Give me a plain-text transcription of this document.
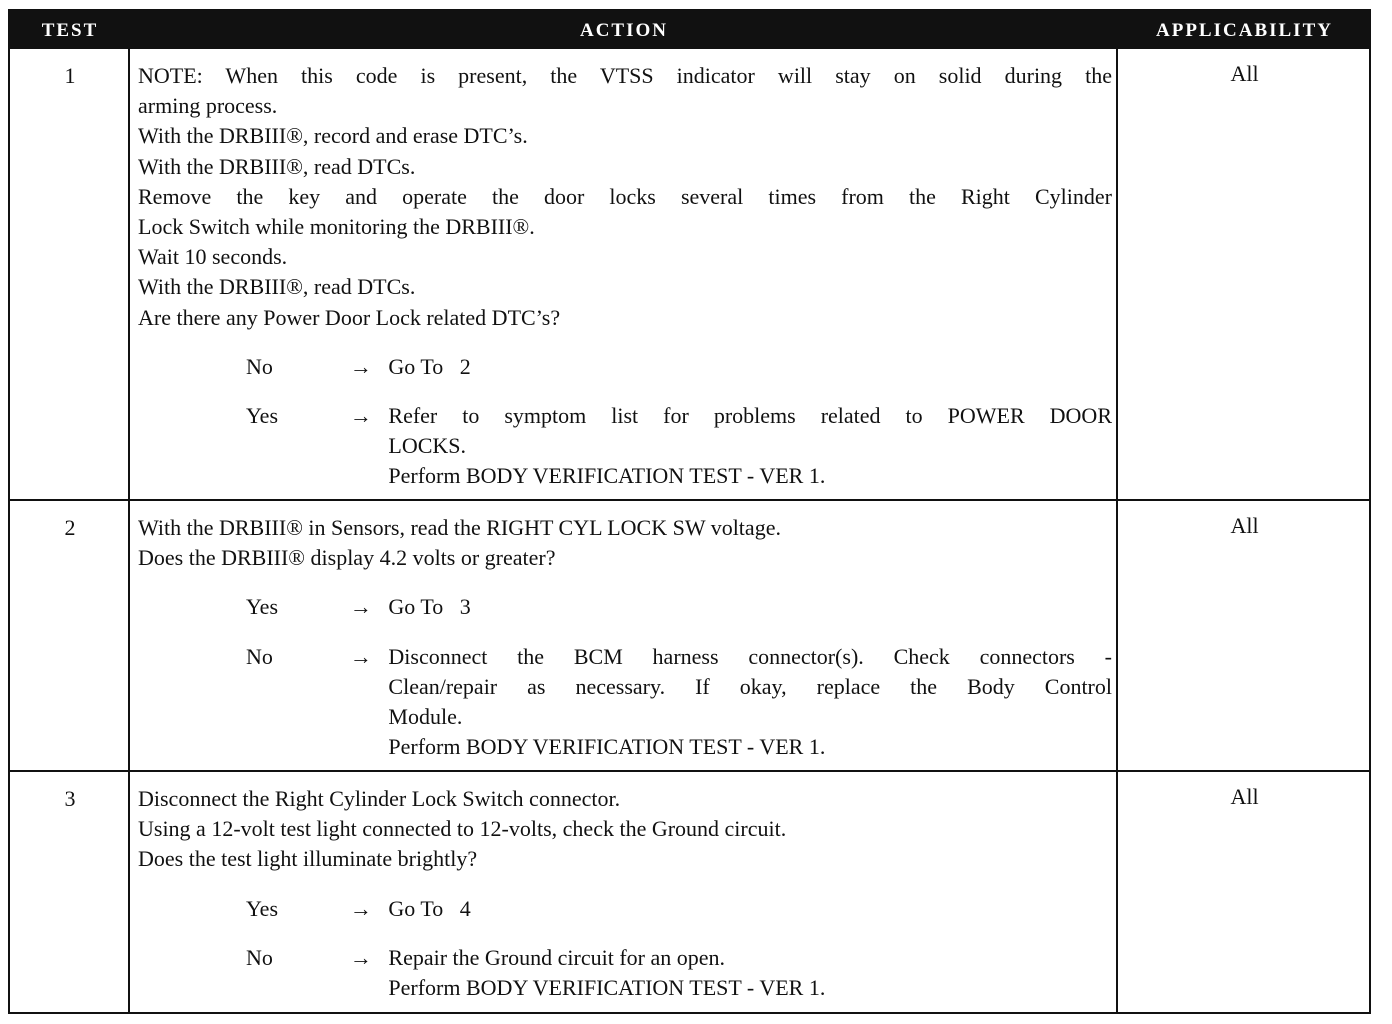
TEST	ACTION	APPLICABILITY
1	NOTE: When this code is present, the VTSS indicator will stay on solid during the
arming process.
With the DRBIII®, record and erase DTC’s.
With the DRBIII®, read DTCs.
Remove the key and operate the door locks several times from the Right Cylinder
Lock Switch while monitoring the DRBIII®.
Wait 10 seconds.
With the DRBIII®, read DTCs.
Are there any Power Door Lock related DTC’s?
No	→ Go To   2
Yes	→ Refer to symptom list for problems related to POWER DOOR
LOCKS.
Perform BODY VERIFICATION TEST - VER 1.
All
2	With the DRBIII® in Sensors, read the RIGHT CYL LOCK SW voltage.
Does the DRBIII® display 4.2 volts or greater?
Yes	→ Go To   3
No	→ Disconnect the BCM harness connector(s). Check connectors -
Clean/repair as necessary. If okay, replace the Body Control
Module.
Perform BODY VERIFICATION TEST - VER 1.
All
3	Disconnect the Right Cylinder Lock Switch connector.
Using a 12-volt test light connected to 12-volts, check the Ground circuit.
Does the test light illuminate brightly?
Yes	→ Go To   4
No	→ Repair the Ground circuit for an open.
Perform BODY VERIFICATION TEST - VER 1.
All
